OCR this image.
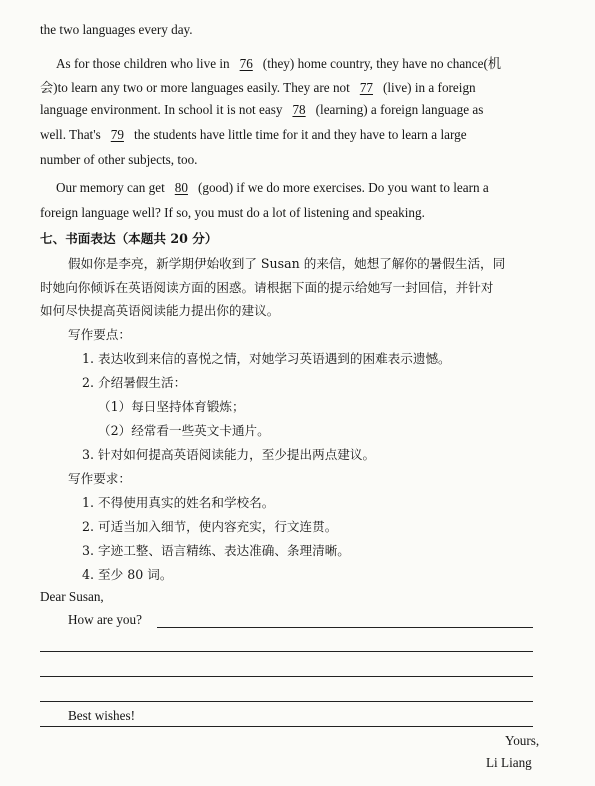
the two languages every day.
As for those children who live in 76 (they) home country, they have no chance(机
会)to learn any two or more languages easily. They are not 77 (live) in a foreign
language environment. In school it is not easy 78 (learning) a foreign language as
well. That's 79 the students have little time for it and they have to learn a large
number of other subjects, too.
Our memory can get 80 (good) if we do more exercises. Do you want to learn a
foreign language well? If so, you must do a lot of listening and speaking.
七、书面表达（本题共 20 分）
假如你是李亮，新学期伊始收到了 Susan 的来信，她想了解你的暑假生活，同
时她向你倾诉在英语阅读方面的困惑。请根据下面的提示给她写一封回信，并针对
如何尽快提高英语阅读能力提出你的建议。
写作要点：
1. 表达收到来信的喜悦之情，对她学习英语遇到的困难表示遗憾。
2. 介绍暑假生活：
（1）每日坚持体育锻炼；
（2）经常看一些英文卡通片。
3. 针对如何提高英语阅读能力，至少提出两点建议。
写作要求：
1. 不得使用真实的姓名和学校名。
2. 可适当加入细节，使内容充实，行文连贯。
3. 字迹工整、语言精练、表达准确、条理清晰。
4. 至少 80 词。
Dear Susan,
How are you?
Best wishes!
Yours,
Li Liang
